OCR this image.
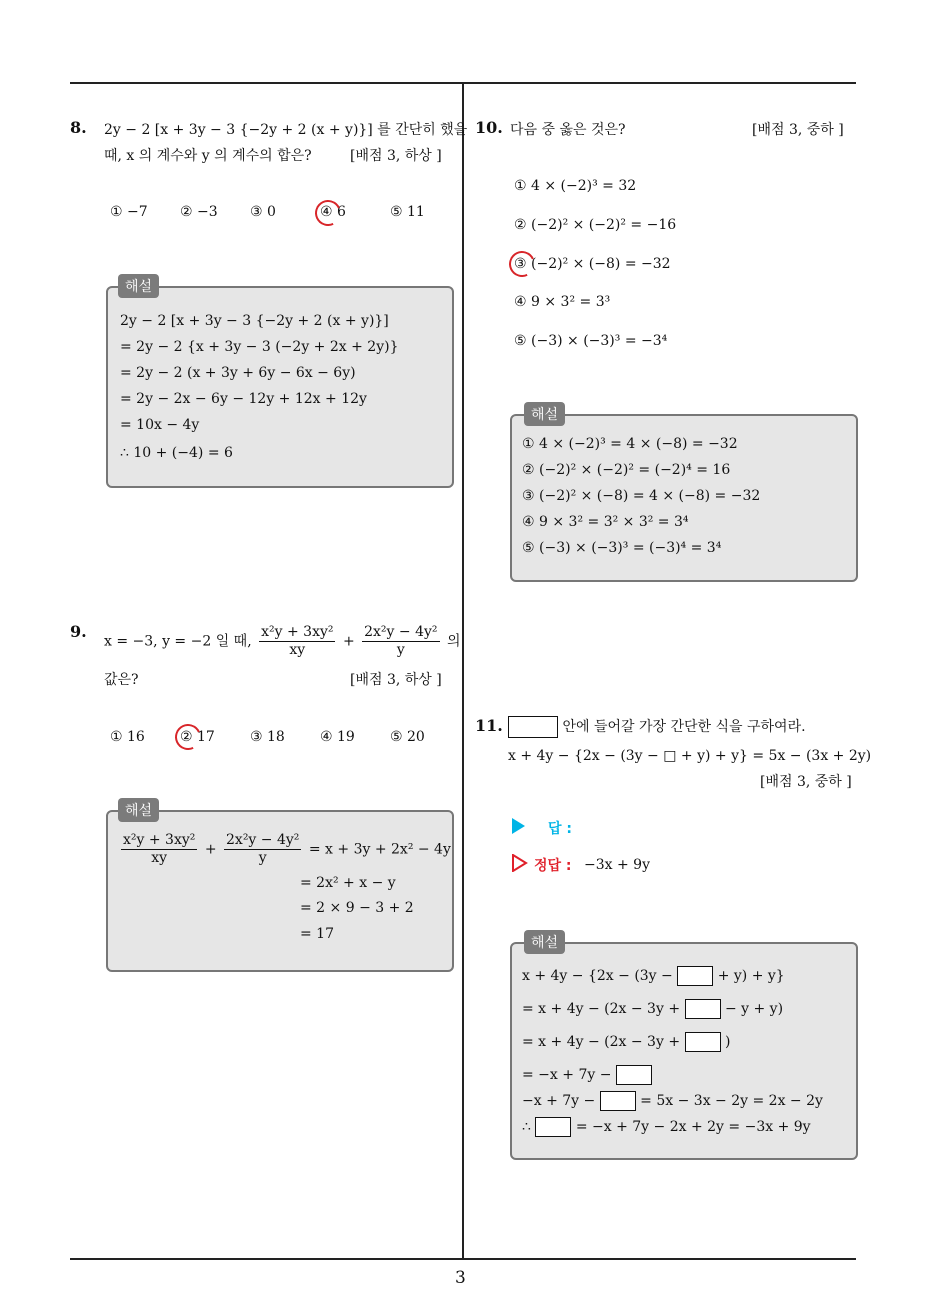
3
8. 2y − 2 [x + 3y − 3 {−2y + 2 (x + y)}] 를 간단히 했을
때, x 의 계수와 y 의 계수의 합은?	[배점 3, 하상 ]
① −7 ② −3 ③ 0	④ 6	⑤ 11
해설
2y − 2 [x + 3y − 3 {−2y + 2 (x + y)}]
= 2y − 2 {x + 3y − 3 (−2y + 2x + 2y)}
= 2y − 2 (x + 3y + 6y − 6x − 6y)
= 2y − 2x − 6y − 12y + 12x + 12y
= 10x − 4y
∴ 10 + (−4) = 6
9.
x = −3, y = −2 일 때, $\frac{\text{x²y + 3xy²}}{xy} + \frac{\text{2x²y − 4y²}}{y}$ 의
값은?	[배점 3, 하상 ]
① 16	② 17	③ 18	④ 19	⑤ 20
해설
$\frac{\text{x²y + 3xy²}}{xy} + \frac{\text{2x²y − 4y²}}{y} = x + 3y + 2x^2 - 4y$
= 2x² + x − y
= 2 × 9 − 3 + 2
= 17
10. 다음 중 옳은 것은?	[배점 3, 중하 ]
① 4 × (−2)³ = 32
② (−2)² × (−2)² = −16
③ (−2)² × (−8) = −32
④ 9 × 3² = 3³
⑤ (−3) × (−3)³ = −3⁴
해설
① 4 × (−2)³ = 4 × (−8) = −32
② (−2)² × (−2)² = (−2)⁴ = 16
③ (−2)² × (−8) = 4 × (−8) = −32
④ 9 × 3² = 3² × 3² = 3⁴
⑤ (−3) × (−3)³ = (−3)⁴ = 3⁴
11.	안에 들어갈 가장 간단한 식을 구하여라.
x + 4y − {2x − (3y − □ + y) + y} = 5x − (3x + 2y)
[배점 3, 중하 ]
답 :
정답 : −3x + 9y
해설
x + 4y − {2x − (3y −	+ y) + y}
= x + 4y − (2x − 3y +	− y + y)
= x + 4y − (2x − 3y +	)
= −x + 7y −
−x + 7y −	= 5x − 3x − 2y = 2x − 2y
∴	= −x + 7y − 2x + 2y = −3x + 9y
